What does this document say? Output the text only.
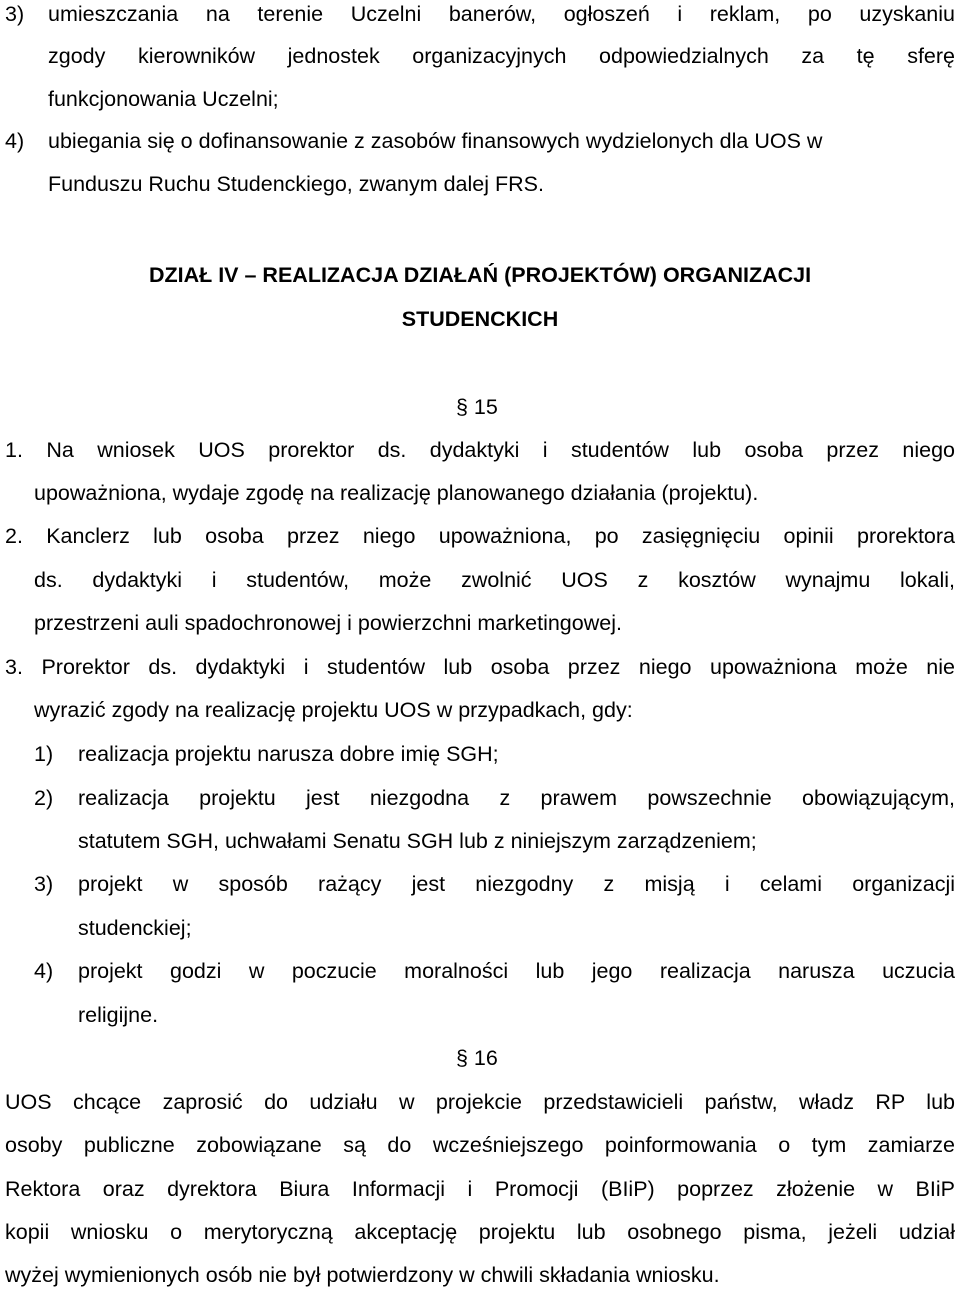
3) umieszczania na terenie Uczelni banerów, ogłoszeń i reklam, po uzyskaniu
zgody kierowników jednostek organizacyjnych odpowiedzialnych za tę sferę
funkcjonowania Uczelni;
4) ubiegania się o dofinansowanie z zasobów finansowych wydzielonych dla UOS w
Funduszu Ruchu Studenckiego, zwanym dalej FRS.
DZIAŁ IV – REALIZACJA DZIAŁAŃ (PROJEKTÓW) ORGANIZACJI
STUDENCKICH
§ 15
1. Na wniosek UOS prorektor ds. dydaktyki i studentów lub osoba przez niego
upoważniona, wydaje zgodę na realizację planowanego działania (projektu).
2. Kanclerz lub osoba przez niego upoważniona, po zasięgnięciu opinii prorektora
ds. dydaktyki i studentów, może zwolnić UOS z kosztów wynajmu lokali,
przestrzeni auli spadochronowej i powierzchni marketingowej.
3. Prorektor ds. dydaktyki i studentów lub osoba przez niego upoważniona może nie
wyrazić zgody na realizację projektu UOS w przypadkach, gdy:
1) realizacja projektu narusza dobre imię SGH;
2) realizacja projektu jest niezgodna z prawem powszechnie obowiązującym,
statutem SGH, uchwałami Senatu SGH lub z niniejszym zarządzeniem;
3) projekt w sposób rażący jest niezgodny z misją i celami organizacji
studenckiej;
4) projekt godzi w poczucie moralności lub jego realizacja narusza uczucia
religijne.
§ 16
UOS chcące zaprosić do udziału w projekcie przedstawicieli państw, władz RP lub
osoby publiczne zobowiązane są do wcześniejszego poinformowania o tym zamiarze
Rektora oraz dyrektora Biura Informacji i Promocji (BIiP) poprzez złożenie w BIiP
kopii wniosku o merytoryczną akceptację projektu lub osobnego pisma, jeżeli udział
wyżej wymienionych osób nie był potwierdzony w chwili składania wniosku.
